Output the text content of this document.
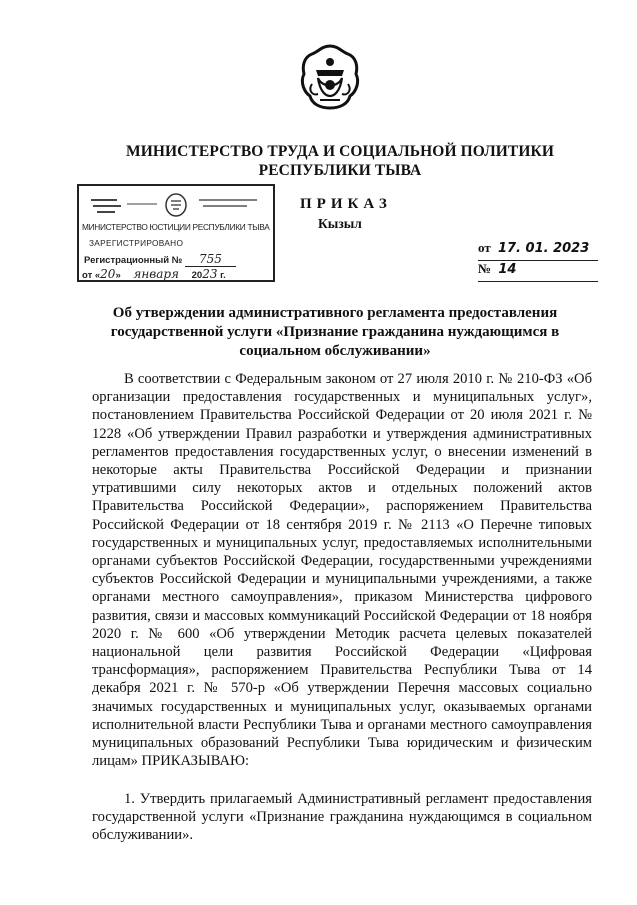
МИНИСТЕРСТВО ТРУДА И СОЦИАЛЬНОЙ ПОЛИТИКИ РЕСПУБЛИКИ ТЫВА
МИНИСТЕРСТВО ЮСТИЦИИ РЕСПУБЛИКИ ТЫВА
ЗАРЕГИСТРИРОВАНО
Регистрационный № 755
от «20» января 2023 г.
ПРИКАЗ
Кызыл
от 17. 01. 2023
№ 14
Об утверждении административного регламента предоставления государственной услуги «Признание гражданина нуждающимся в социальном обслуживании»

В соответствии с Федеральным законом от 27 июля 2010 г. № 210-ФЗ «Об организации предоставления государственных и муниципальных услуг», постановлением Правительства Российской Федерации от 20 июля 2021 г. № 1228 «Об утверждении Правил разработки и утверждения административных регламентов предоставления государственных услуг, о внесении изменений в некоторые акты Правительства Российской Федерации и признании утратившими силу некоторых актов и отдельных положений актов Правительства Российской Федерации», распоряжением Правительства Российской Федерации от 18 сентября 2019 г. № 2113 «О Перечне типовых государственных и муниципальных услуг, предоставляемых исполнительными органами субъектов Российской Федерации, государственными учреждениями субъектов Российской Федерации и муниципальными учреждениями, а также органами местного самоуправления», приказом Министерства цифрового развития, связи и массовых коммуникаций Российской Федерации от 18 ноября 2020 г. № 600 «Об утверждении Методик расчета целевых показателей национальной цели развития Российской Федерации «Цифровая трансформация», распоряжением Правительства Республики Тыва от 14 декабря 2021 г. № 570-р «Об утверждении Перечня массовых социально значимых государственных и муниципальных услуг, оказываемых органами исполнительной власти Республики Тыва и органами местного самоуправления муниципальных образований Республики Тыва юридическим и физическим лицам» ПРИКАЗЫВАЮ:

1. Утвердить прилагаемый Административный регламент предоставления государственной услуги «Признание гражданина нуждающимся в социальном обслуживании».
